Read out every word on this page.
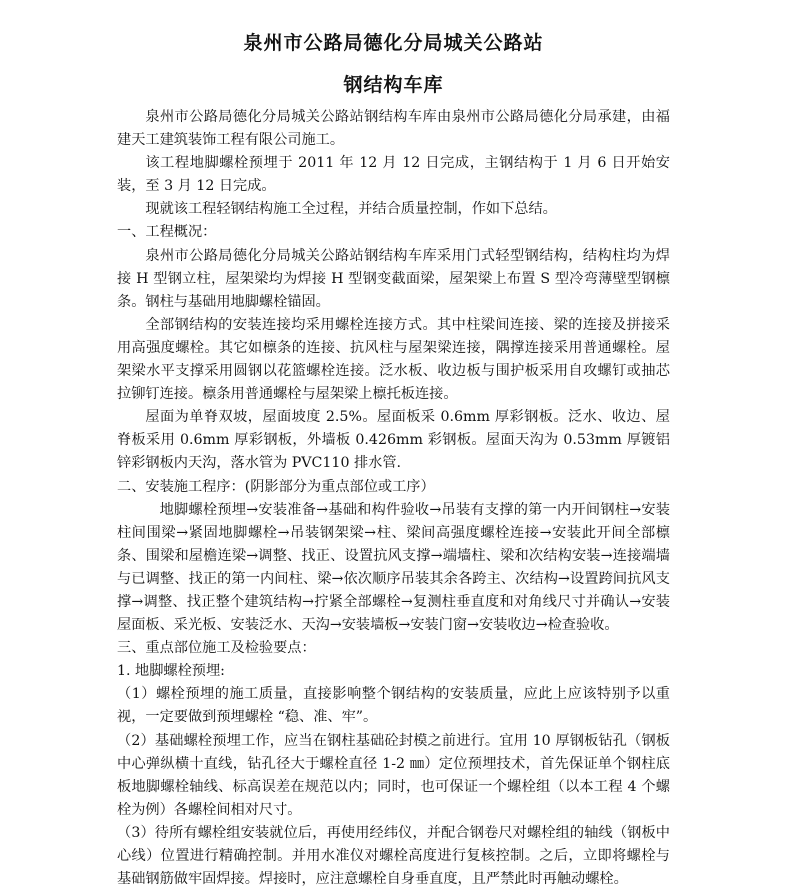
泉州市公路局德化分局城关公路站
钢结构车库

泉州市公路局德化分局城关公路站钢结构车库由泉州市公路局德化分局承建，由福建天工建筑装饰工程有限公司施工。

该工程地脚螺栓预埋于 2011 年 12 月 12 日完成，主钢结构于 1 月 6 日开始安装，至 3 月 12 日完成。

现就该工程轻钢结构施工全过程，并结合质量控制，作如下总结。

一、工程概况：

泉州市公路局德化分局城关公路站钢结构车库采用门式轻型钢结构，结构柱均为焊接 H 型钢立柱，屋架梁均为焊接 H 型钢变截面梁，屋架梁上布置 S 型冷弯薄壁型钢檩条。钢柱与基础用地脚螺栓锚固。

全部钢结构的安装连接均采用螺栓连接方式。其中柱梁间连接、梁的连接及拼接采用高强度螺栓。其它如檩条的连接、抗风柱与屋架梁连接，隅撑连接采用普通螺栓。屋架梁水平支撑采用圆钢以花篮螺栓连接。泛水板、收边板与围护板采用自攻螺钉或抽芯拉铆钉连接。檩条用普通螺栓与屋架梁上檩托板连接。

屋面为单脊双坡，屋面坡度 2.5%。屋面板采 0.6mm 厚彩钢板。泛水、收边、屋脊板采用 0.6mm 厚彩钢板，外墙板 0.426mm 彩钢板。屋面天沟为 0.53mm 厚镀铝锌彩钢板内天沟，落水管为 PVC110 排水管.

二、安装施工程序：(阴影部分为重点部位或工序）

地脚螺栓预埋→安装准备→基础和构件验收→吊装有支撑的第一内开间钢柱→安装柱间围梁→紧固地脚螺栓→吊装钢架梁→柱、梁间高强度螺栓连接→安装此开间全部檩条、围梁和屋檐连梁→调整、找正、设置抗风支撑→端墙柱、梁和次结构安装→连接端墙与已调整、找正的第一内间柱、梁→依次顺序吊装其余各跨主、次结构→设置跨间抗风支撑→调整、找正整个建筑结构→拧紧全部螺栓→复测柱垂直度和对角线尺寸并确认→安装屋面板、采光板、安装泛水、天沟→安装墙板→安装门窗→安装收边→检查验收。

三、重点部位施工及检验要点：

1. 地脚螺栓预埋:

（1）螺栓预埋的施工质量，直接影响整个钢结构的安装质量，应此上应该特别予以重视，一定要做到预埋螺栓 “稳、准、牢”。

（2）基础螺栓预埋工作，应当在钢柱基础砼封模之前进行。宜用 10 厚钢板钻孔（钢板中心弹纵横十直线，钻孔径大于螺栓直径 1-2 ㎜）定位预埋技术，首先保证单个钢柱底板地脚螺栓轴线、标高误差在规范以内；同时，也可保证一个螺栓组（以本工程 4 个螺栓为例）各螺栓间相对尺寸。

（3）待所有螺栓组安装就位后，再使用经纬仪，并配合钢卷尺对螺栓组的轴线（钢板中心线）位置进行精确控制。并用水准仪对螺栓高度进行复核控制。之后，立即将螺栓与基础钢筋做牢固焊接。焊接时，应注意螺栓自身垂直度，且严禁此时再触动螺栓。
